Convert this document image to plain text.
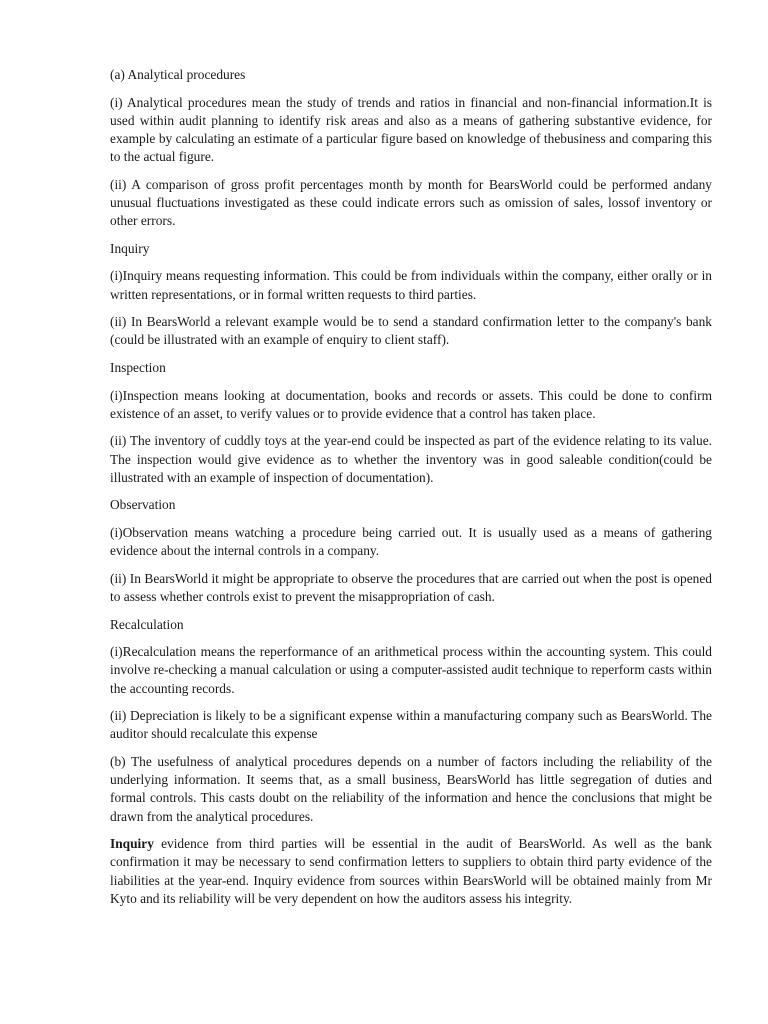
(a) Analytical procedures

(i) Analytical procedures mean the study of trends and ratios in financial and non-financial information.It is used within audit planning to identify risk areas and also as a means of gathering substantive evidence, for example by calculating an estimate of a particular figure based on knowledge of thebusiness and comparing this to the actual figure.

(ii) A comparison of gross profit percentages month by month for BearsWorld could be performed andany unusual fluctuations investigated as these could indicate errors such as omission of sales, lossof inventory or other errors.

Inquiry

(i)Inquiry means requesting information. This could be from individuals within the company, either orally or in written representations, or in formal written requests to third parties.

(ii) In BearsWorld a relevant example would be to send a standard confirmation letter to the company's bank (could be illustrated with an example of enquiry to client staff).

Inspection

(i)Inspection means looking at documentation, books and records or assets. This could be done to confirm existence of an asset, to verify values or to provide evidence that a control has taken place.

(ii) The inventory of cuddly toys at the year-end could be inspected as part of the evidence relating to its value. The inspection would give evidence as to whether the inventory was in good saleable condition(could be illustrated with an example of inspection of documentation).

Observation

(i)Observation means watching a procedure being carried out. It is usually used as a means of gathering evidence about the internal controls in a company.

(ii) In BearsWorld it might be appropriate to observe the procedures that are carried out when the post is opened to assess whether controls exist to prevent the misappropriation of cash.

Recalculation

(i)Recalculation means the reperformance of an arithmetical process within the accounting system. This could involve re-checking a manual calculation or using a computer-assisted audit technique to reperform casts within the accounting records.

(ii) Depreciation is likely to be a significant expense within a manufacturing company such as BearsWorld. The auditor should recalculate this expense

(b) The usefulness of analytical procedures depends on a number of factors including the reliability of the underlying information. It seems that, as a small business, BearsWorld has little segregation of duties and formal controls. This casts doubt on the reliability of the information and hence the conclusions that might be drawn from the analytical procedures.

Inquiry evidence from third parties will be essential in the audit of BearsWorld. As well as the bank confirmation it may be necessary to send confirmation letters to suppliers to obtain third party evidence of the liabilities at the year-end. Inquiry evidence from sources within BearsWorld will be obtained mainly from Mr Kyto and its reliability will be very dependent on how the auditors assess his integrity.
